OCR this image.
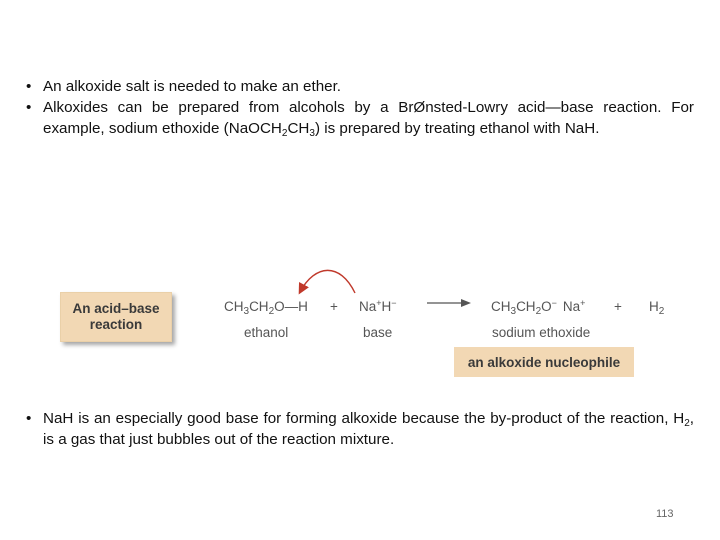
• An alkoxide salt is needed to make an ether.
• Alkoxides can be prepared from alcohols by a BrØnsted-Lowry acid—base reaction. For example, sodium ethoxide $(NaOCH_2CH_3)$ is prepared by treating ethanol with NaH.
An acid–base reaction
$CH_3CH_2O—H + Na^+H^- \to CH_3CH_2O^-$ $Na^+ + H_2$
ethanol	base	sodium ethoxide
an alkoxide nucleophile
• NaH is an especially good base for forming alkoxide because the by-product of the reaction, $H_2$, is a gas that just bubbles out of the reaction mixture.
113
